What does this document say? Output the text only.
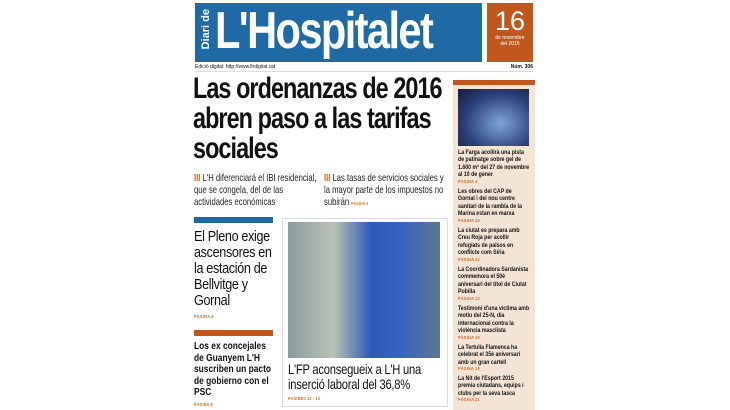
Diari de L'Hospitalet 16
de novembre
del 2015
Edició digital: http://www.lhdigital.cat	Núm. 306
Las ordenanzas de 2016 abren paso a las tarifas sociales
III L'H diferenciará el IBI residencial, que se congela, del de las actividades económicas
III Las tasas de servicios sociales y la mayor parte de los impuestos no subirán PÀGINA 3
El Pleno exige ascensores en la estación de Bellvitge y Gornal
PÀGINA 8
Los ex concejales de Guanyem L'H suscriben un pacto de gobierno con el PSC
PÀGINA 8
L'FP aconsegueix a L'H una inserció laboral del 36,8%
PÀGINES 12 - 13
La Farga acollirà una pista de patinatge sobre gel de 1.600 m² del 27 de novembre al 10 de gener
PÀGINA 4
Les obres del CAP de Gornal i del nou centre sanitari de la rambla de la Marina estan en marxa
PÀGINA 10
La ciutat es prepara amb Creu Roja per acollir refugiats de països en conflicte com Síria
PÀGINA 14
La Coordinadora Sardanista commemora el 50è aniversari del títol de Ciutat Pubilla
PÀGINA 13
Testimoni d'una víctima amb motiu del 25-N, dia internacional contra la violència masclista
PÀGINA 19
La Tertulia Flamenca ha celebrat el 35è aniversari amb un gran cartell
PÀGINA 18
La Nit de l'Esport 2015 premia ciutadans, equips i clubs per la seva tasca
PÀGINA 21
